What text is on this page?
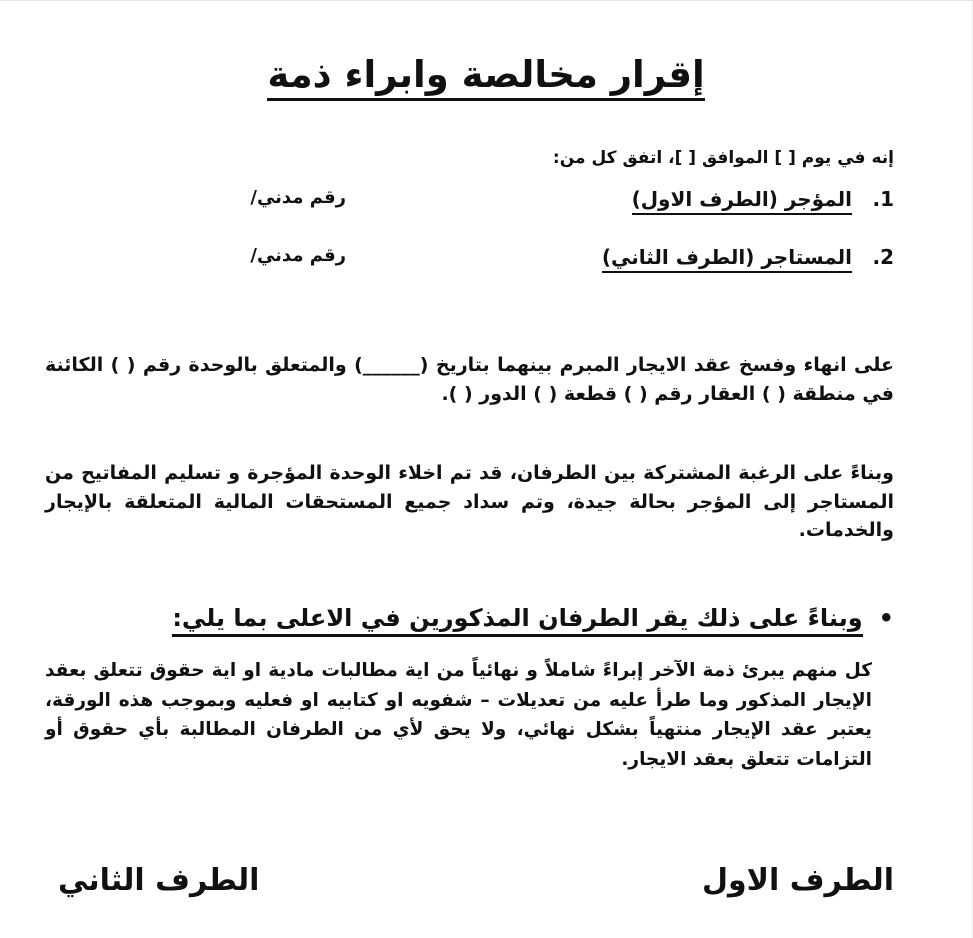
إقرار مخالصة وابراء ذمة
إنه في يوم [ ] الموافق [ ]، اتفق كل من:
1.
المؤجر (الطرف الاول)
رقم مدني/
2.
المستاجر (الطرف الثاني)
رقم مدني/
على انهاء وفسخ عقد الايجار المبرم بينهما بتاريخ (______) والمتعلق بالوحدة رقم ( ) الكائنة في منطقة ( ) العقار رقم ( ) قطعة ( ) الدور ( ).
وبناءً على الرغبة المشتركة بين الطرفان، قد تم اخلاء الوحدة المؤجرة و تسليم المفاتيح من المستاجر إلى المؤجر بحالة جيدة، وتم سداد جميع المستحقات المالية المتعلقة بالإيجار والخدمات.
•وبناءً على ذلك يقر الطرفان المذكورين في الاعلى بما يلي:
كل منهم يبرئ ذمة الآخر إبراءً شاملاً و نهائياً من اية مطالبات مادية او اية حقوق تتعلق بعقد الإيجار المذكور وما طرأ عليه من تعديلات – شفويه او كتابيه او فعليه وبموجب هذه الورقة، يعتبر عقد الإيجار منتهياً بشكل نهائي، ولا يحق لأي من الطرفان المطالبة بأي حقوق أو التزامات تتعلق بعقد الايجار.
الطرف الاول
الطرف الثاني
